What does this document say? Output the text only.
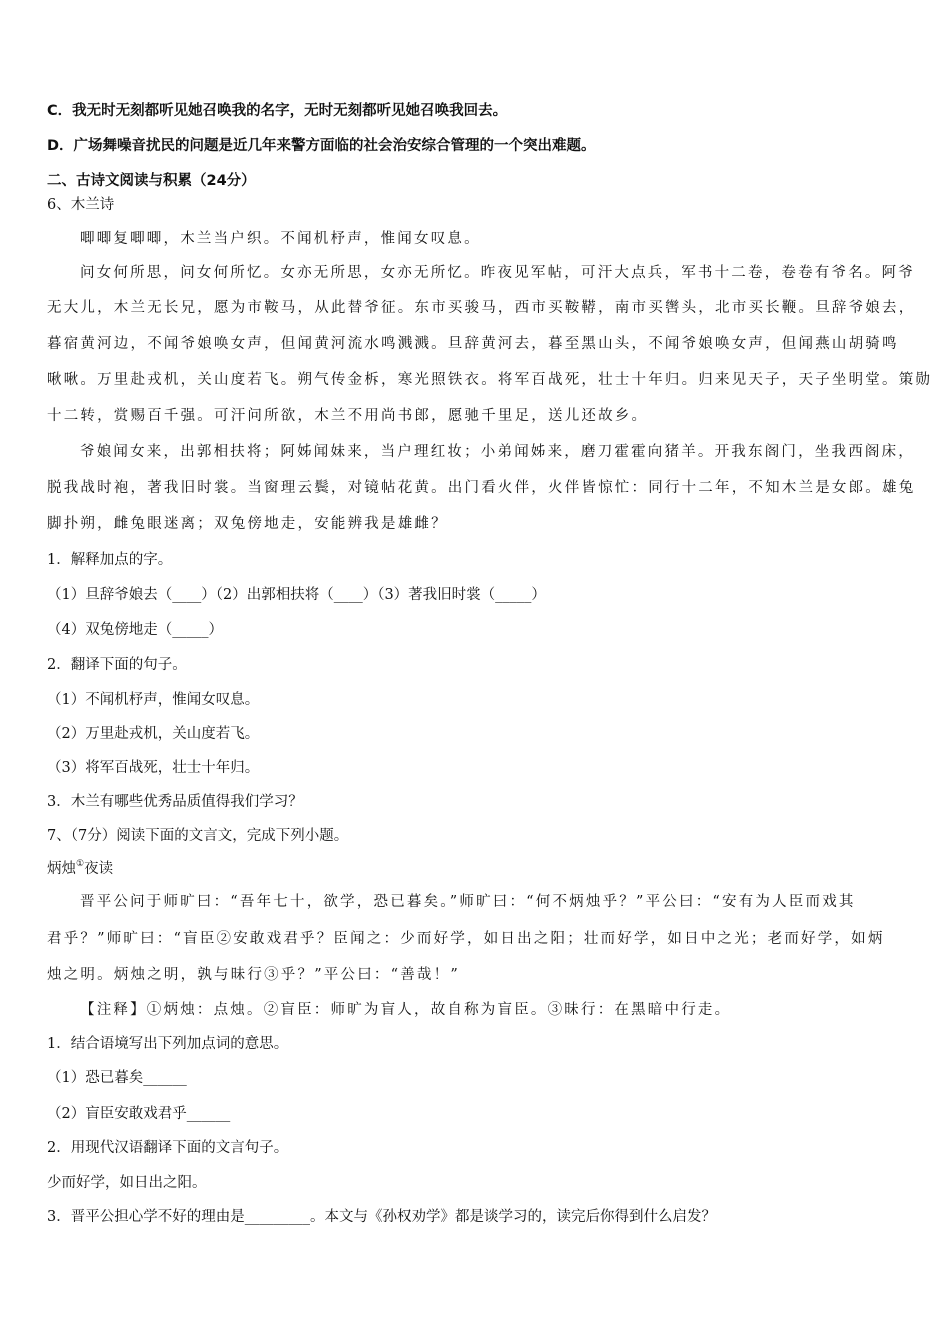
C．我无时无刻都听见她召唤我的名字，无时无刻都听见她召唤我回去。
D．广场舞噪音扰民的问题是近几年来警方面临的社会治安综合管理的一个突出难题。
二、古诗文阅读与积累（24分）
6、木兰诗
唧唧复唧唧，木兰当户织。不闻机杼声，惟闻女叹息。
问女何所思，问女何所忆。女亦无所思，女亦无所忆。昨夜见军帖，可汗大点兵，军书十二卷，卷卷有爷名。阿爷
无大儿，木兰无长兄，愿为市鞍马，从此替爷征。东市买骏马，西市买鞍鞯，南市买辔头，北市买长鞭。旦辞爷娘去，
暮宿黄河边，不闻爷娘唤女声，但闻黄河流水鸣溅溅。旦辞黄河去，暮至黑山头，不闻爷娘唤女声，但闻燕山胡骑鸣
啾啾。万里赴戎机，关山度若飞。朔气传金柝，寒光照铁衣。将军百战死，壮士十年归。归来见天子，天子坐明堂。策勋
十二转，赏赐百千强。可汗问所欲，木兰不用尚书郎，愿驰千里足，送儿还故乡。
爷娘闻女来，出郭相扶将；阿姊闻妹来，当户理红妆；小弟闻姊来，磨刀霍霍向猪羊。开我东阁门，坐我西阁床，
脱我战时袍，著我旧时裳。当窗理云鬓，对镜帖花黄。出门看火伴，火伴皆惊忙：同行十二年，不知木兰是女郎。雄兔
脚扑朔，雌兔眼迷离；双兔傍地走，安能辨我是雄雌？
1．解释加点的字。
（1）旦辞爷娘去（____）（2）出郭相扶将（____）（3）著我旧时裳（_____）
（4）双兔傍地走（_____）
2．翻译下面的句子。
（1）不闻机杼声，惟闻女叹息。
（2）万里赴戎机，关山度若飞。
（3）将军百战死，壮士十年归。
3．木兰有哪些优秀品质值得我们学习？
7、（7分）阅读下面的文言文，完成下列小题。
炳烛①夜读
晋平公问于师旷曰：“吾年七十，欲学，恐已暮矣。”师旷曰：“何不炳烛乎？”平公曰：“安有为人臣而戏其
君乎？”师旷曰：“盲臣②安敢戏君乎？臣闻之：少而好学，如日出之阳；壮而好学，如日中之光；老而好学，如炳
烛之明。炳烛之明，孰与昧行③乎？”平公曰：“善哉！”
【注释】①炳烛：点烛。②盲臣：师旷为盲人，故自称为盲臣。③昧行：在黑暗中行走。
1．结合语境写出下列加点词的意思。
（1）恐已暮矣______
（2）盲臣安敢戏君乎______
2．用现代汉语翻译下面的文言句子。
少而好学，如日出之阳。
3．晋平公担心学不好的理由是_________。本文与《孙权劝学》都是谈学习的，读完后你得到什么启发？
